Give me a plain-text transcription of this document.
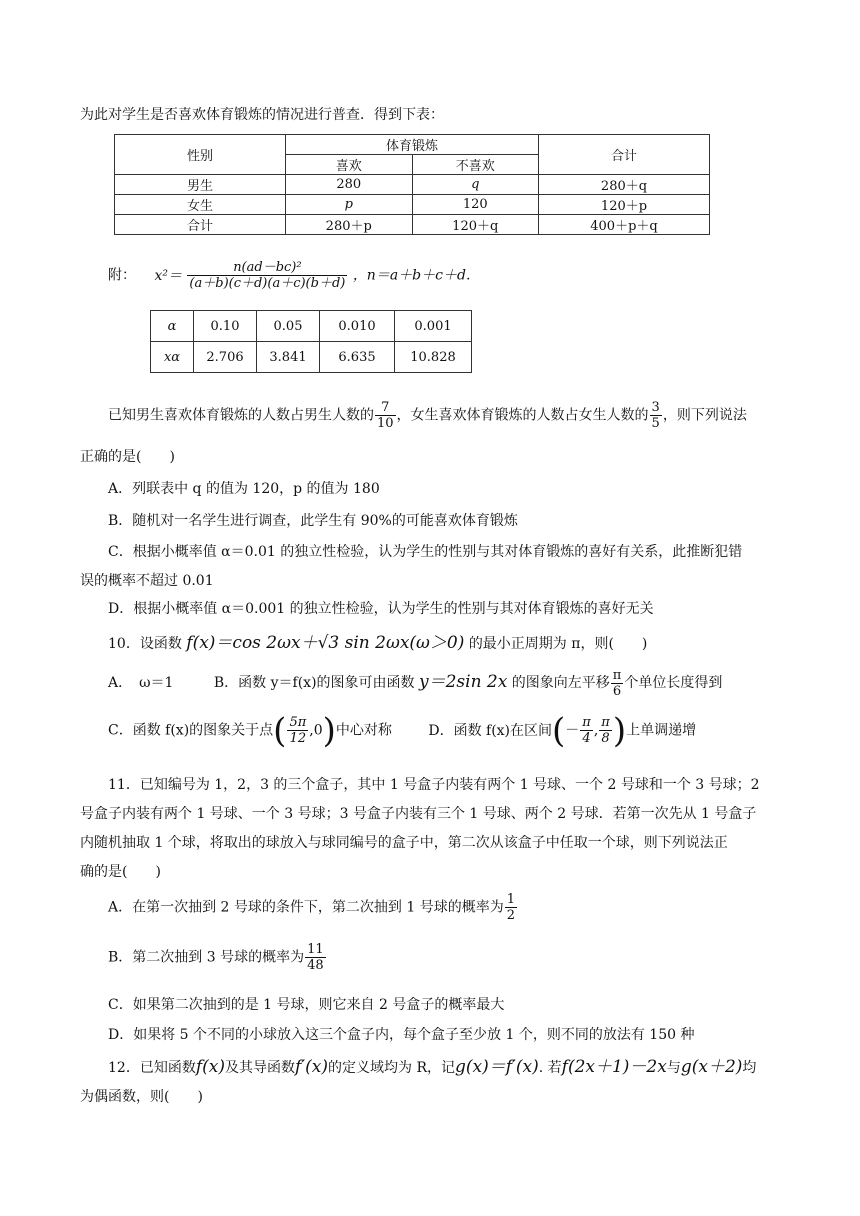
为此对学生是否喜欢体育锻炼的情况进行普查．得到下表：
性别	体育锻炼		合计
	喜欢	不喜欢	
男生	280	q	280＋q
女生	p	120	120＋p
合计	280＋p	120＋q	400＋p＋q
附： $x^2= \frac{\text{n(ad－bc)²}}{(a+b)(c+d)(a+c)(b+d)}$ ，n＝a＋b＋c＋d.
α	0.10	0.05	0.010	0.001
xα	2.706	3.841	6.635	10.828
已知男生喜欢体育锻炼的人数占男生人数的 $\frac{7}{10}$ ，女生喜欢体育锻炼的人数占女生人数的 $\frac{3}{5}$ ，则下列说法
正确的是(　　)
A．列联表中 q 的值为 120，p 的值为 180
B．随机对一名学生进行调查，此学生有 90%的可能喜欢体育锻炼
C．根据小概率值 α＝0.01 的独立性检验，认为学生的性别与其对体育锻炼的喜好有关系，此推断犯错
误的概率不超过 0.01
D．根据小概率值 α＝0.001 的独立性检验，认为学生的性别与其对体育锻炼的喜好无关
10．设函数 f(x)＝cos 2ωx＋√3 sin 2ωx(ω＞0) 的最小正周期为 π，则(　　)
A．　ω＝1	B．函数 y＝f(x)的图象可由函数 y＝2sin 2x 的图象向左平移 $\frac{\pi}{6}$ 个单位长度得到
C．函数 f(x)的图象关于点( $\frac{5\pi}{12} ,0$)中心对称	D．函数 f(x)在区间(－ $\frac{\pi}{4}$ , $\frac{\pi}{8}$ )上单调递增
11．已知编号为 1，2，3 的三个盒子，其中 1 号盒子内装有两个 1 号球、一个 2 号球和一个 3 号球；2
号盒子内装有两个 1 号球、一个 3 号球；3 号盒子内装有三个 1 号球、两个 2 号球．若第一次先从 1 号盒子
内随机抽取 1 个球，将取出的球放入与球同编号的盒子中，第二次从该盒子中任取一个球，则下列说法正
确的是(　　)
A．在第一次抽到 2 号球的条件下，第二次抽到 1 号球的概率为 $\frac{1}{2}$
B．第二次抽到 3 号球的概率为 $\frac{11}{48}$
C．如果第二次抽到的是 1 号球，则它来自 2 号盒子的概率最大
D．如果将 5 个不同的小球放入这三个盒子内，每个盒子至少放 1 个，则不同的放法有 150 种
12．已知函数f(x)及其导函数f′(x)的定义域均为 R，记g(x)＝f′(x). 若f(2x＋1)－2x与g(x＋2)均
为偶函数，则(　　)
